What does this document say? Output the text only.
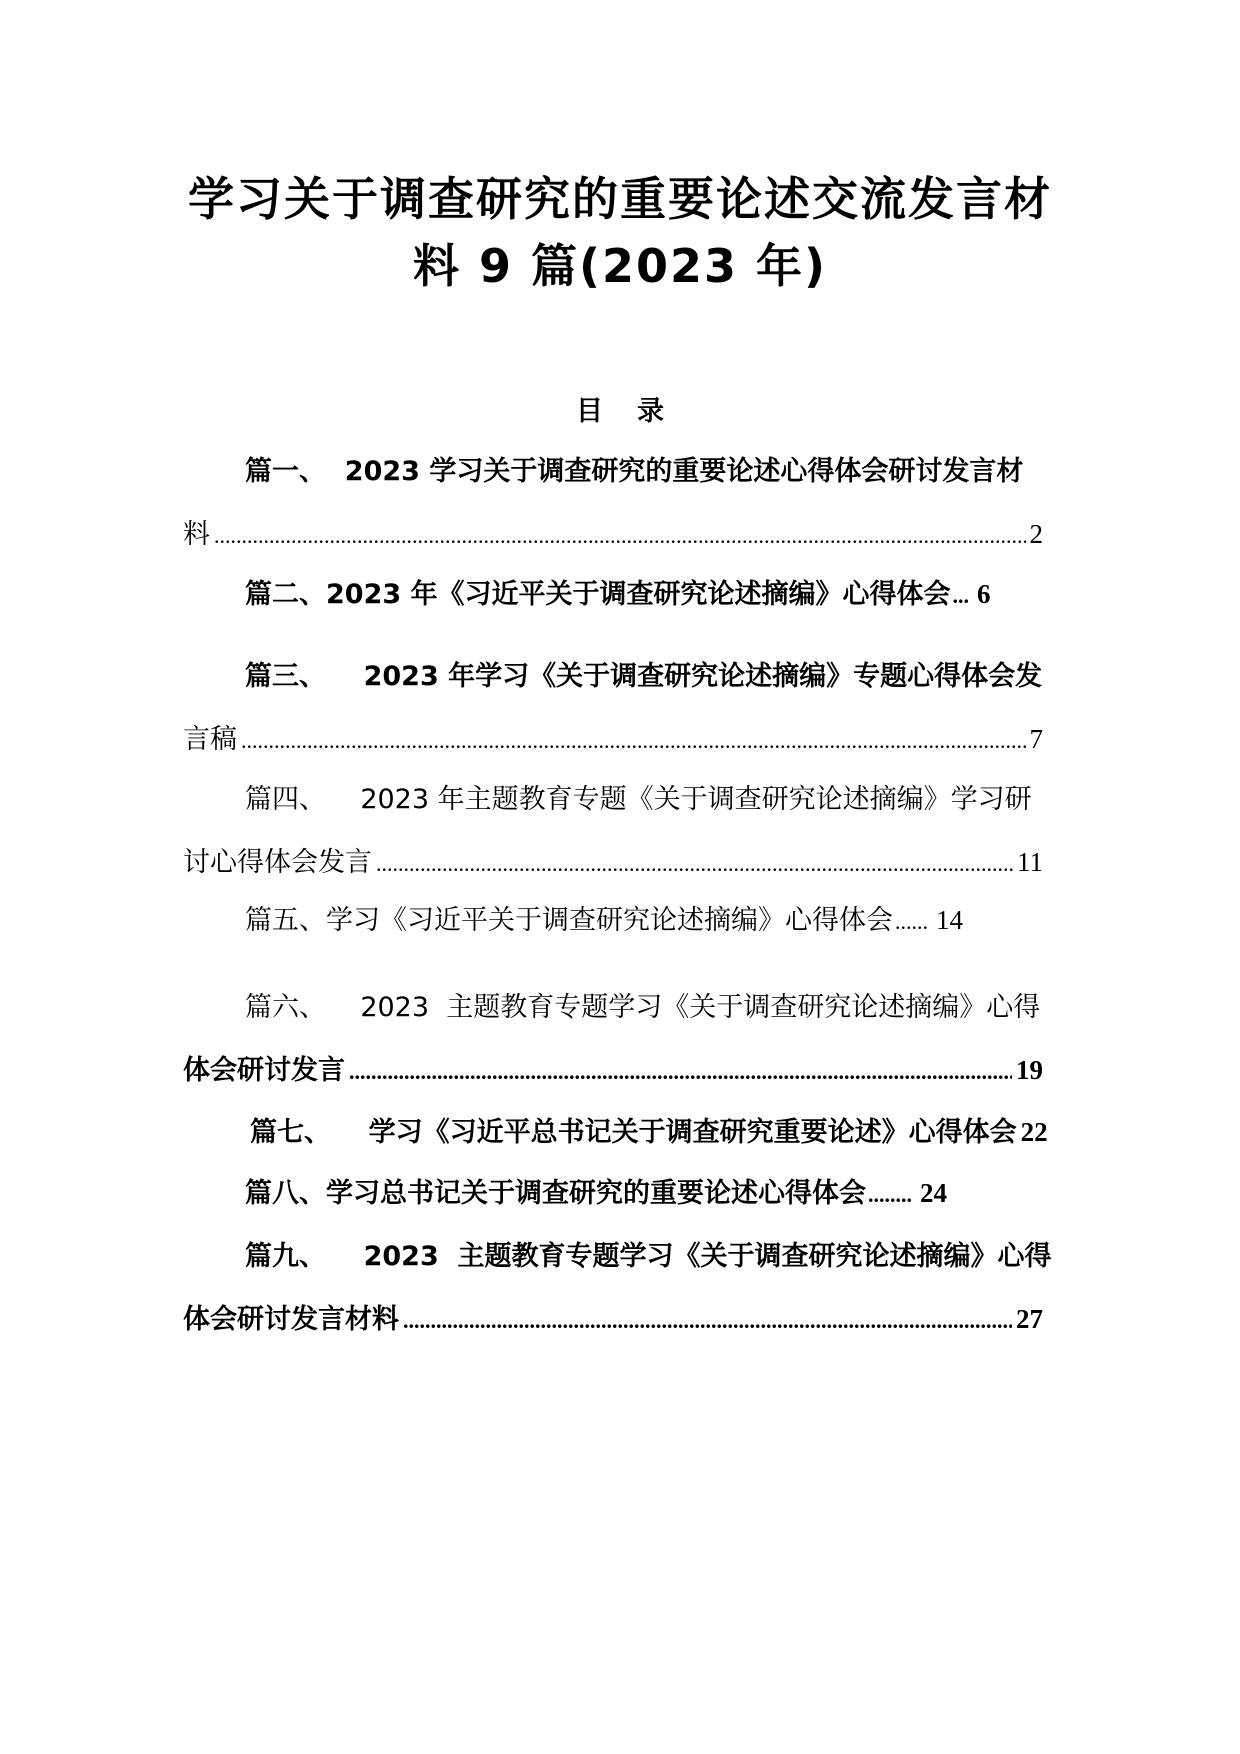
学习关于调查研究的重要论述交流发言材
料 9 篇(2023 年)
目 录
篇一、  2023 学习关于调查研究的重要论述心得体会研讨发言材
料 .....	2
篇二、2023 年《习近平关于调查研究论述摘编》心得体会 ... 6
篇三、    2023 年学习《关于调查研究论述摘编》专题心得体会发
言稿 .....	7
篇四、    2023 年主题教育专题《关于调查研究论述摘编》学习研
讨心得体会发言 .....	11
篇五、学习《习近平关于调查研究论述摘编》心得体会 ...... 14
篇六、    2023  主题教育专题学习《关于调查研究论述摘编》心得
体会研讨发言 .....	19
篇七、    学习《习近平总书记关于调查研究重要论述》心得体会 22
篇八、学习总书记关于调查研究的重要论述心得体会 ........ 24
篇九、    2023  主题教育专题学习《关于调查研究论述摘编》心得
体会研讨发言材料 .....	27
